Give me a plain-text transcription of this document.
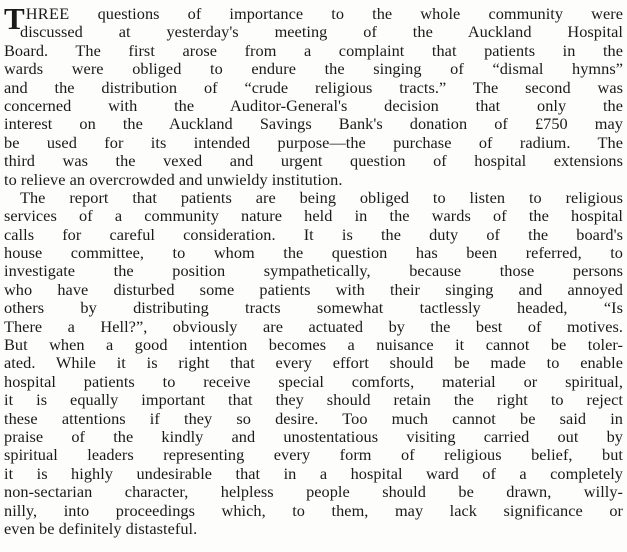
THREE questions of importance to the whole community were
discussed at yesterday's meeting of the Auckland Hospital
Board. The first arose from a complaint that patients in the
wards were obliged to endure the singing of “dismal hymns”
and the distribution of “crude religious tracts.” The second was
concerned with the Auditor-General's decision that only the
interest on the Auckland Savings Bank's donation of £750 may
be used for its intended purpose—the purchase of radium. The
third was the vexed and urgent question of hospital extensions
to relieve an overcrowded and unwieldy institution.
The report that patients are being obliged to listen to religious
services of a community nature held in the wards of the hospital
calls for careful consideration. It is the duty of the board's
house committee, to whom the question has been referred, to
investigate the position sympathetically, because those persons
who have disturbed some patients with their singing and annoyed
others by distributing tracts somewhat tactlessly headed, “Is
There a Hell?”, obviously are actuated by the best of motives.
But when a good intention becomes a nuisance it cannot be toler-
ated. While it is right that every effort should be made to enable
hospital patients to receive special comforts, material or spiritual,
it is equally important that they should retain the right to reject
these attentions if they so desire. Too much cannot be said in
praise of the kindly and unostentatious visiting carried out by
spiritual leaders representing every form of religious belief, but
it is highly undesirable that in a hospital ward of a completely
non-sectarian character, helpless people should be drawn, willy-
nilly, into proceedings which, to them, may lack significance or
even be definitely distasteful.
